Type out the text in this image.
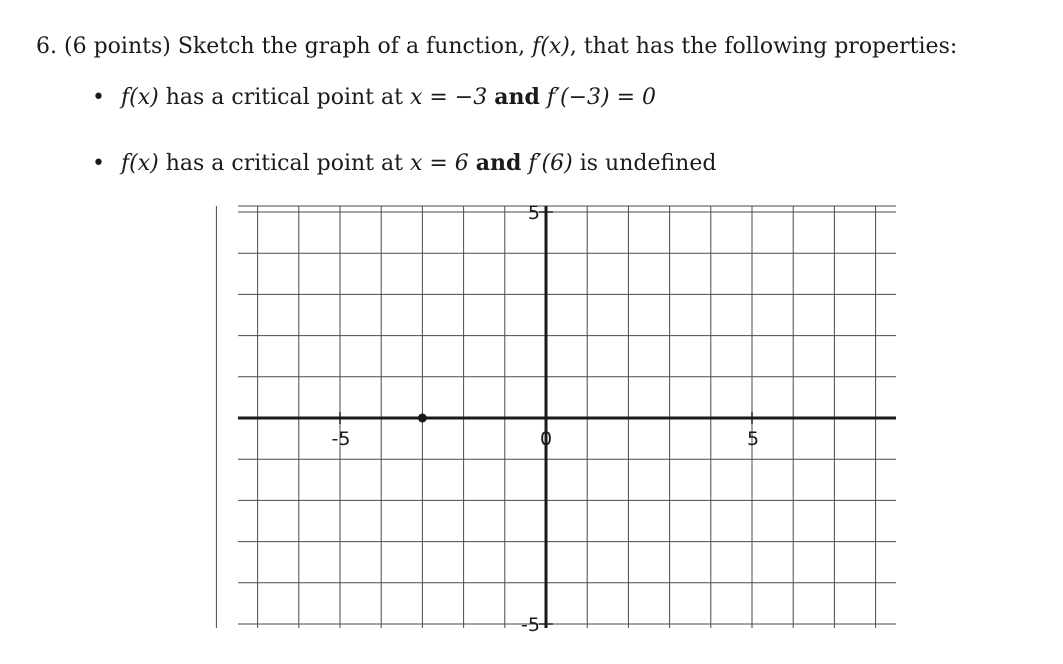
6. (6 points) Sketch the graph of a function, f(x), that has the following properties:
• f(x) has a critical point at x = −3 and f′(−3) = 0
• f(x) has a critical point at x = 6 and f′(6) is undefined
-5	0	5
5
-5
